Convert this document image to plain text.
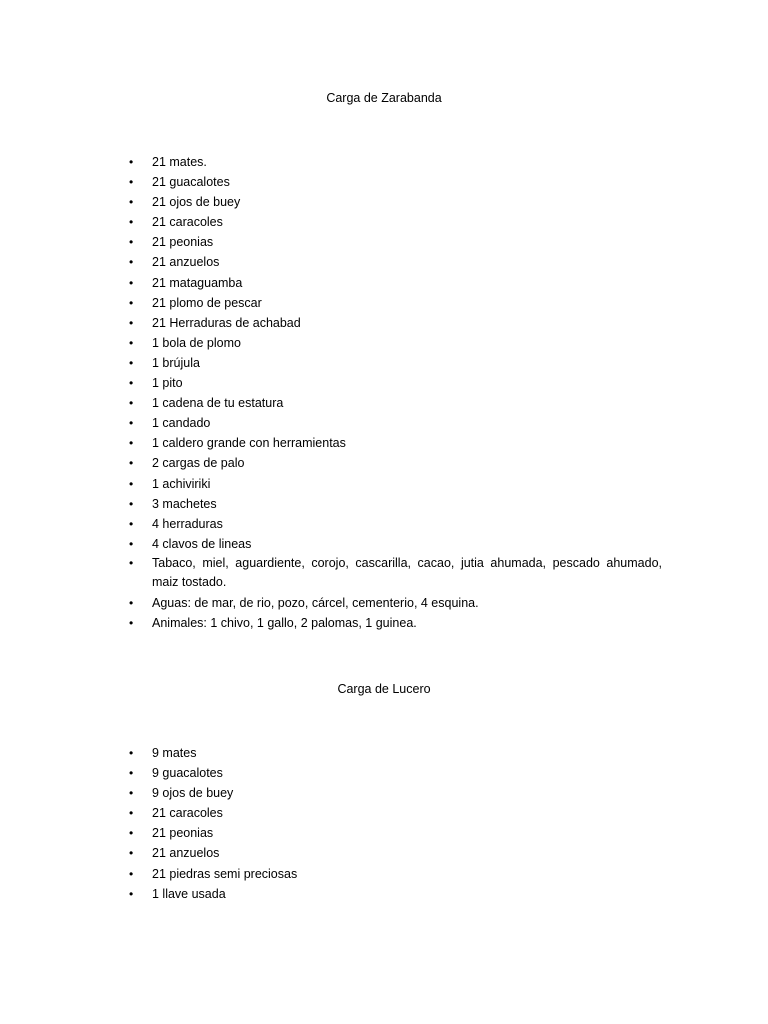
Carga de Zarabanda
• 21 mates.
• 21 guacalotes
• 21 ojos de buey
• 21 caracoles
• 21 peonias
• 21 anzuelos
• 21 mataguamba
• 21 plomo de pescar
• 21 Herraduras de achabad
• 1 bola de plomo
• 1 brújula
• 1 pito
• 1 cadena de tu estatura
• 1 candado
• 1 caldero grande con herramientas
• 2 cargas de palo
• 1 achiviriki
• 3 machetes
• 4 herraduras
• 4 clavos de lineas
• Tabaco, miel, aguardiente, corojo, cascarilla, cacao, jutia ahumada, pescado ahumado, maiz tostado.
• Aguas: de mar, de rio, pozo, cárcel, cementerio, 4 esquina.
• Animales: 1 chivo, 1 gallo, 2 palomas, 1 guinea.
Carga de Lucero
• 9 mates
• 9 guacalotes
• 9 ojos de buey
• 21 caracoles
• 21 peonias
• 21 anzuelos
• 21 piedras semi preciosas
• 1 llave usada
